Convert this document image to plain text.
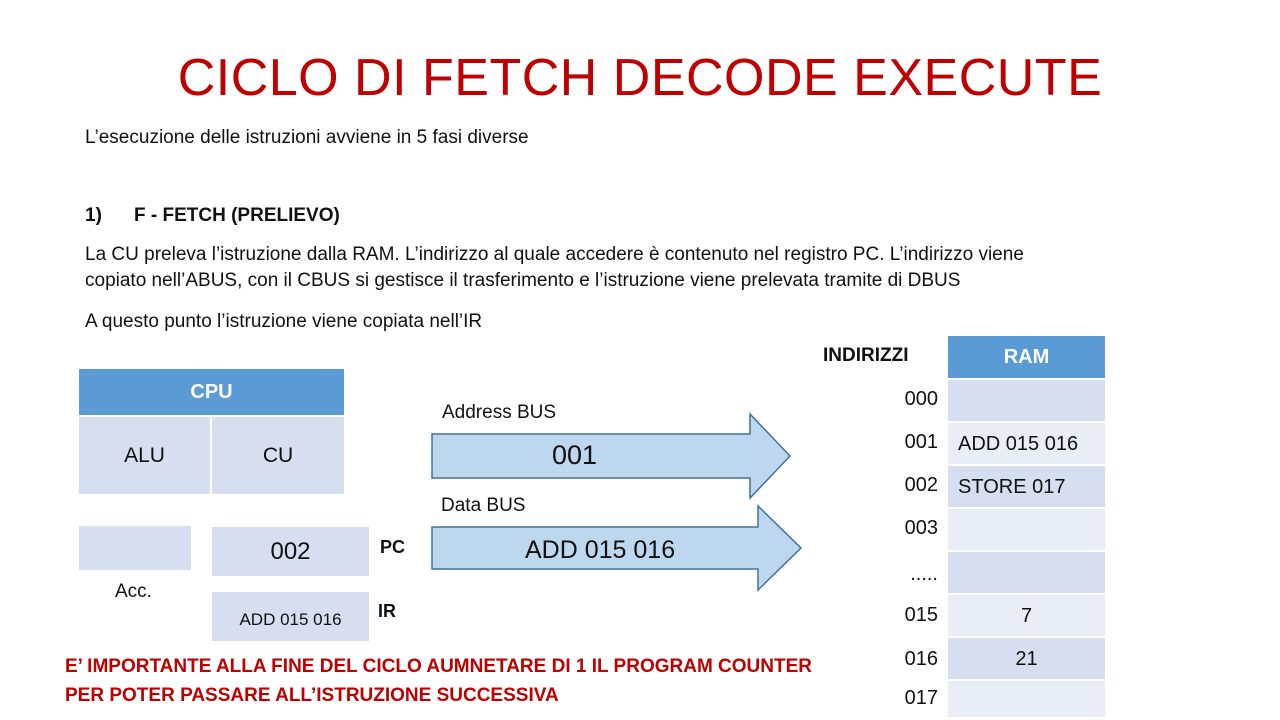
CICLO DI FETCH DECODE EXECUTE
L’esecuzione delle istruzioni avviene in 5 fasi diverse
1) F - FETCH (PRELIEVO)
La CU preleva l’istruzione dalla RAM. L’indirizzo al quale accedere è contenuto nel registro PC. L’indirizzo viene
copiato nell’ABUS, con il CBUS si gestisce il trasferimento e l’istruzione viene prelevata tramite di DBUS
A questo punto l’istruzione viene copiata nell’IR
CPU
ALU	CU
Acc.
002	PC
ADD 015 016	IR
Address BUS
001
Data BUS
ADD 015 016
INDIRIZZI	RAM
000
001 ADD 015 016
002 STORE 017
003
.....
015	7
016	21
017
E’ IMPORTANTE ALLA FINE DEL CICLO AUMNETARE DI 1 IL PROGRAM COUNTER
PER POTER PASSARE ALL’ISTRUZIONE SUCCESSIVA
